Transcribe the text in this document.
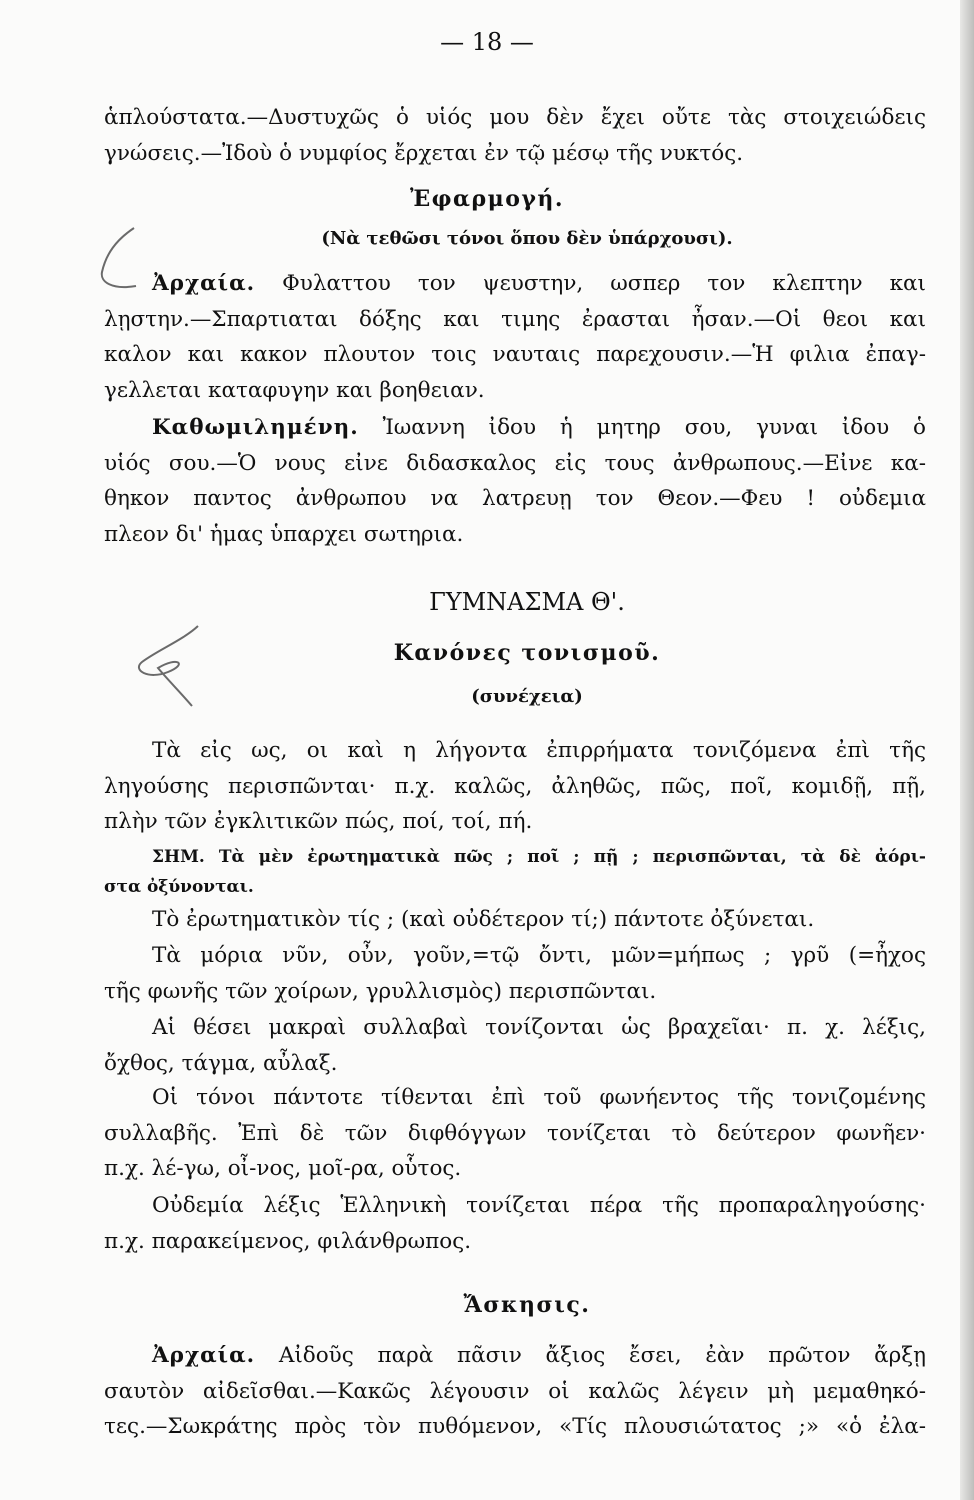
— 18 —
ἁπλούστατα.—Δυστυχῶς ὁ υἱός μου δὲν ἔχει οὔτε τὰς στοιχειώδεις
γνώσεις.—Ἰδοὺ ὁ νυμφίος ἔρχεται ἐν τῷ μέσῳ τῆς νυκτός.
Ἐφαρμογή.
(Νὰ τεθῶσι τόνοι ὅπου δὲν ὑπάρχουσι).
Ἀρχαία. Φυλαττου τον ψευστην, ωσπερ τον κλεπτην και
λῃστην.—Σπαρτιαται δόξης και τιμης ἐρασται ἦσαν.—Οἱ θεοι και
καλον και κακον πλουτον τοις ναυταις παρεχουσιν.—Ἡ φιλια ἐπαγ-
γελλεται καταφυγην και βοηθειαν.
Καθωμιλημένη. Ἰωαννη ἰδου ἡ μητηρ σου, γυναι ἰδου ὁ
υἱός σου.—Ὁ νους εἰνε διδασκαλος εἰς τους ἀνθρωπους.—Εἰνε κα-
θηκον παντος ἀνθρωπου να λατρευῃ τον Θεον.—Φευ ! οὐδεμια
πλεον δι' ἡμας ὑπαρχει σωτηρια.
ΓΥΜΝΑΣΜΑ Θ'.
Κανόνες τονισμοῦ.
(συνέχεια)
Τὰ εἰς ως, οι καὶ η λήγοντα ἐπιρρήματα τονιζόμενα ἐπὶ τῆς
ληγούσης περισπῶνται· π.χ. καλῶς, ἀληθῶς, πῶς, ποῖ, κομιδῇ, πῇ,
πλὴν τῶν ἐγκλιτικῶν πώς, ποί, τοί, πή.
ΣΗΜ. Τὰ μὲν ἐρωτηματικὰ πῶς ; ποῖ ; πῇ ; περισπῶνται, τὰ δὲ ἀόρι-
στα ὀξύνονται.
Τὸ ἐρωτηματικὸν τίς ; (καὶ οὐδέτερον τί;) πάντοτε ὀξύνεται.
Τὰ μόρια νῦν, οὖν, γοῦν,=τῷ ὄντι, μῶν=μήπως ; γρῦ (=ἦχος
τῆς φωνῆς τῶν χοίρων, γρυλλισμὸς) περισπῶνται.
Αἱ θέσει μακραὶ συλλαβαὶ τονίζονται ὡς βραχεῖαι· π. χ. λέξις,
ὄχθος, τάγμα, αὖλαξ.
Οἱ τόνοι πάντοτε τίθενται ἐπὶ τοῦ φωνήεντος τῆς τονιζομένης
συλλαβῆς. Ἐπὶ δὲ τῶν διφθόγγων τονίζεται τὸ δεύτερον φωνῆεν·
π.χ. λέ-γω, οἶ-νος, μοῖ-ρα, οὗτος.
Οὐδεμία λέξις Ἑλληνικὴ τονίζεται πέρα τῆς προπαραληγούσης·
π.χ. παρακείμενος, φιλάνθρωπος.
Ἄσκησις.
Ἀρχαία. Αἰδοῦς παρὰ πᾶσιν ἄξιος ἔσει, ἐὰν πρῶτον ἄρξῃ
σαυτὸν αἰδεῖσθαι.—Κακῶς λέγουσιν οἱ καλῶς λέγειν μὴ μεμαθηκό-
τες.—Σωκράτης πρὸς τὸν πυθόμενον, «Τίς πλουσιώτατος ;» «ὁ ἐλα-
